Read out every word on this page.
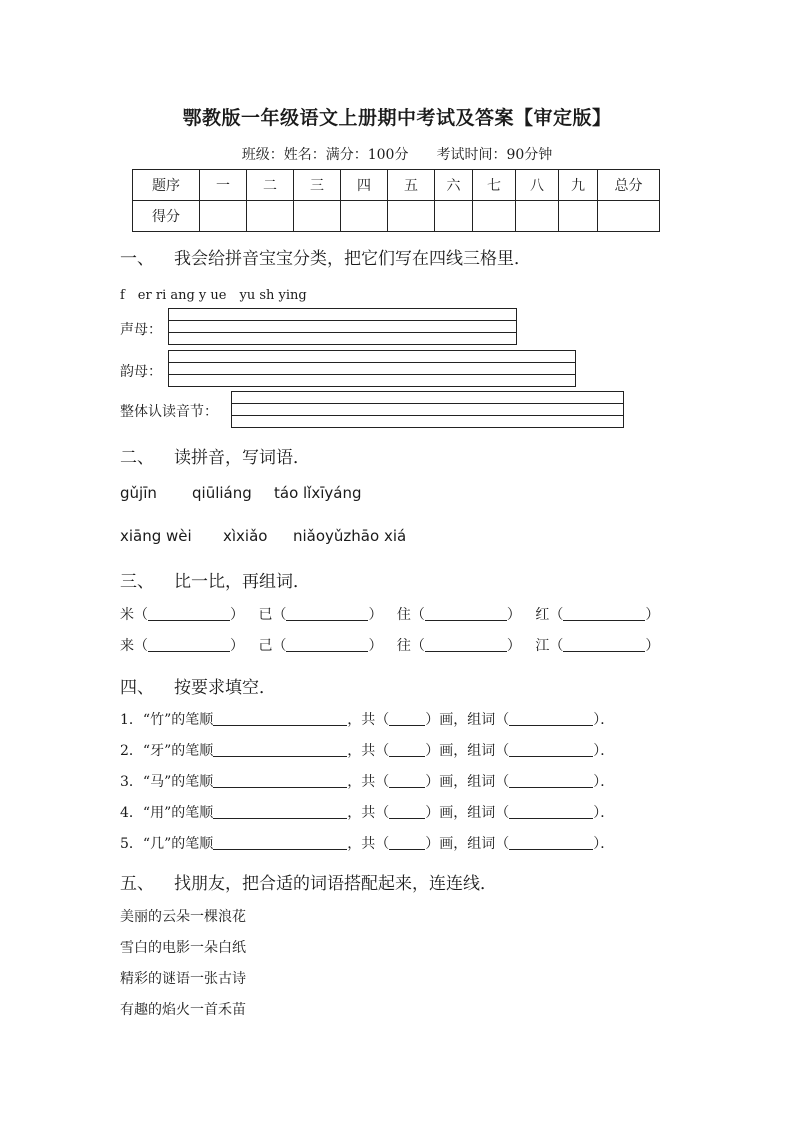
鄂教版一年级语文上册期中考试及答案【审定版】
班级：姓名：满分：100分　　考试时间：90分钟
题序	一	二	三	四	五	六	七	八	九	总分
得分										
一、 我会给拼音宝宝分类，把它们写在四线三格里．
f　er ri ang y ue　yu sh ying
声母：
韵母：
整体认读音节：
二、 读拼音，写词语．
gǔjīn qiūliáng táo lǐxīyáng
xiāng wèi xìxiǎo niǎoyǔzhāo xiá
三、 比一比，再组词．
米（	） 已（	） 住（	） 红（	）
来（	） 己（	） 往（	） 江（	）
四、 按要求填空．
1．“竹”的笔顺	，共（	）画，组词（	）．
2．“牙”的笔顺	，共（	）画，组词（	）．
3．“马”的笔顺	，共（	）画，组词（	）．
4．“用”的笔顺	，共（	）画，组词（	）．
5．“几”的笔顺	，共（	）画，组词（	）．
五、 找朋友，把合适的词语搭配起来，连连线．
美丽的云朵一棵浪花
雪白的电影一朵白纸
精彩的谜语一张古诗
有趣的焰火一首禾苗
